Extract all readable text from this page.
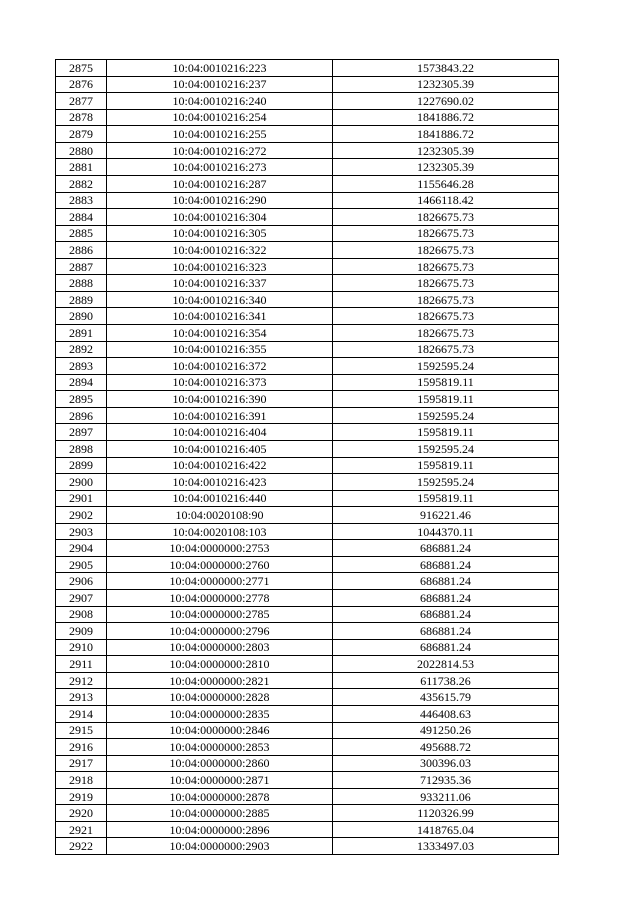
2875	10:04:0010216:223	1573843.22
2876	10:04:0010216:237	1232305.39
2877	10:04:0010216:240	1227690.02
2878	10:04:0010216:254	1841886.72
2879	10:04:0010216:255	1841886.72
2880	10:04:0010216:272	1232305.39
2881	10:04:0010216:273	1232305.39
2882	10:04:0010216:287	1155646.28
2883	10:04:0010216:290	1466118.42
2884	10:04:0010216:304	1826675.73
2885	10:04:0010216:305	1826675.73
2886	10:04:0010216:322	1826675.73
2887	10:04:0010216:323	1826675.73
2888	10:04:0010216:337	1826675.73
2889	10:04:0010216:340	1826675.73
2890	10:04:0010216:341	1826675.73
2891	10:04:0010216:354	1826675.73
2892	10:04:0010216:355	1826675.73
2893	10:04:0010216:372	1592595.24
2894	10:04:0010216:373	1595819.11
2895	10:04:0010216:390	1595819.11
2896	10:04:0010216:391	1592595.24
2897	10:04:0010216:404	1595819.11
2898	10:04:0010216:405	1592595.24
2899	10:04:0010216:422	1595819.11
2900	10:04:0010216:423	1592595.24
2901	10:04:0010216:440	1595819.11
2902	10:04:0020108:90	916221.46
2903	10:04:0020108:103	1044370.11
2904	10:04:0000000:2753	686881.24
2905	10:04:0000000:2760	686881.24
2906	10:04:0000000:2771	686881.24
2907	10:04:0000000:2778	686881.24
2908	10:04:0000000:2785	686881.24
2909	10:04:0000000:2796	686881.24
2910	10:04:0000000:2803	686881.24
2911	10:04:0000000:2810	2022814.53
2912	10:04:0000000:2821	611738.26
2913	10:04:0000000:2828	435615.79
2914	10:04:0000000:2835	446408.63
2915	10:04:0000000:2846	491250.26
2916	10:04:0000000:2853	495688.72
2917	10:04:0000000:2860	300396.03
2918	10:04:0000000:2871	712935.36
2919	10:04:0000000:2878	933211.06
2920	10:04:0000000:2885	1120326.99
2921	10:04:0000000:2896	1418765.04
2922	10:04:0000000:2903	1333497.03
